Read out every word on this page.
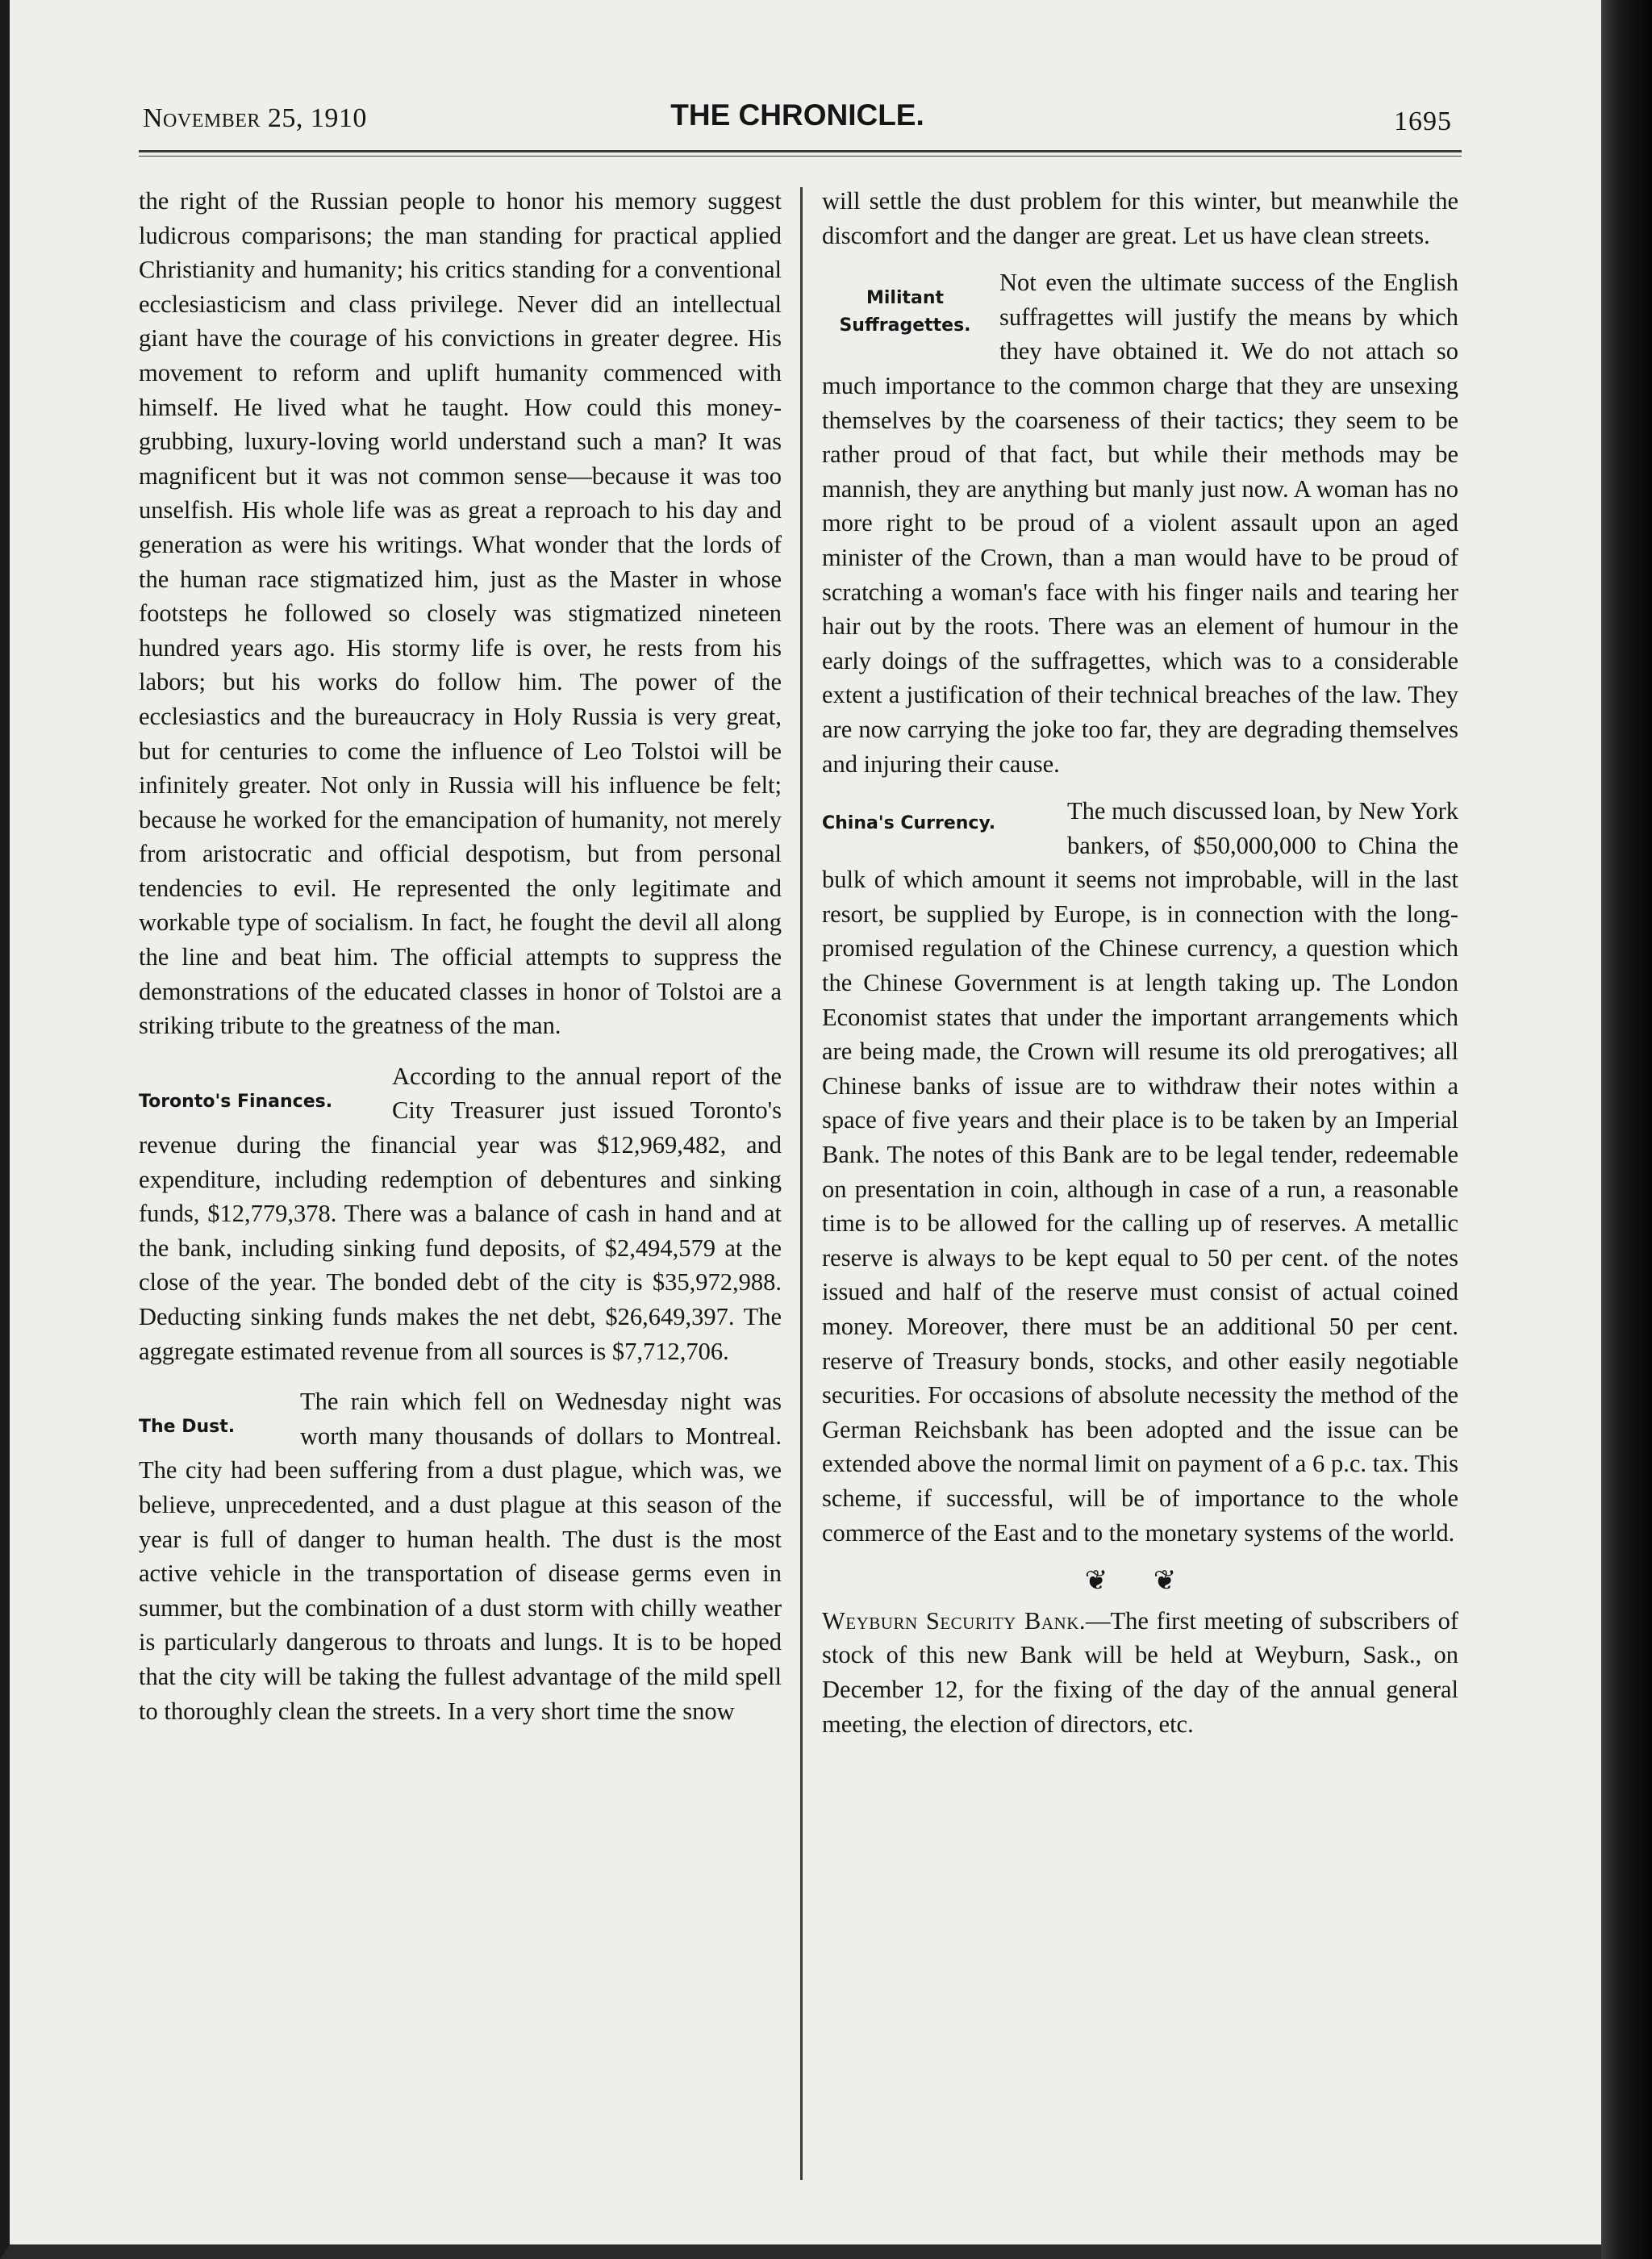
November 25, 1910	THE CHRONICLE.	1695

the right of the Russian people to honor his memory suggest ludicrous comparisons; the man standing for practical applied Christianity and humanity; his critics standing for a conventional ecclesiasticism and class privilege. Never did an intellectual giant have the courage of his convictions in greater degree. His movement to reform and uplift humanity commenced with himself. He lived what he taught. How could this money-grubbing, luxury-loving world understand such a man? It was magnificent but it was not common sense—because it was too unselfish. His whole life was as great a reproach to his day and generation as were his writings. What wonder that the lords of the human race stigmatized him, just as the Master in whose footsteps he followed so closely was stigmatized nineteen hundred years ago. His stormy life is over, he rests from his labors; but his works do follow him. The power of the ecclesiastics and the bureaucracy in Holy Russia is very great, but for centuries to come the influence of Leo Tolstoi will be infinitely greater. Not only in Russia will his influence be felt; because he worked for the emancipation of humanity, not merely from aristocratic and official despotism, but from personal tendencies to evil. He represented the only legitimate and workable type of socialism. In fact, he fought the devil all along the line and beat him. The official attempts to suppress the demonstrations of the educated classes in honor of Tolstoi are a striking tribute to the greatness of the man.

Toronto's Finances.

According to the annual report of the City Treasurer just issued Toronto's revenue during the financial year was $12,969,482, and expenditure, including redemption of debentures and sinking funds, $12,779,378. There was a balance of cash in hand and at the bank, including sinking fund deposits, of $2,494,579 at the close of the year. The bonded debt of the city is $35,972,988. Deducting sinking funds makes the net debt, $26,649,397. The aggregate estimated revenue from all sources is $7,712,706.

The Dust.

The rain which fell on Wednesday night was worth many thousands of dollars to Montreal. The city had been suffering from a dust plague, which was, we believe, unprecedented, and a dust plague at this season of the year is full of danger to human health. The dust is the most active vehicle in the transportation of disease germs even in summer, but the combination of a dust storm with chilly weather is particularly dangerous to throats and lungs. It is to be hoped that the city will be taking the fullest advantage of the mild spell to thoroughly clean the streets. In a very short time the snow

will settle the dust problem for this winter, but meanwhile the discomfort and the danger are great. Let us have clean streets.

Militant
Suffragettes.

Not even the ultimate success of the English suffragettes will justify the means by which they have obtained it. We do not attach so much importance to the common charge that they are unsexing themselves by the coarseness of their tactics; they seem to be rather proud of that fact, but while their methods may be mannish, they are anything but manly just now. A woman has no more right to be proud of a violent assault upon an aged minister of the Crown, than a man would have to be proud of scratching a woman's face with his finger nails and tearing her hair out by the roots. There was an element of humour in the early doings of the suffragettes, which was to a considerable extent a justification of their technical breaches of the law. They are now carrying the joke too far, they are degrading themselves and injuring their cause.

China's Currency.	The much discussed loan, by New York bankers, of $50,000,000 to China the bulk of which amount it seems not improbable, will in the last resort, be supplied by Europe, is in connection with the long-promised regulation of the Chinese currency, a question which the Chinese Government is at length taking up. The London Economist states that under the important arrangements which are being made, the Crown will resume its old prerogatives; all Chinese banks of issue are to withdraw their notes within a space of five years and their place is to be taken by an Imperial Bank. The notes of this Bank are to be legal tender, redeemable on presentation in coin, although in case of a run, a reasonable time is to be allowed for the calling up of reserves. A metallic reserve is always to be kept equal to 50 per cent. of the notes issued and half of the reserve must consist of actual coined money. Moreover, there must be an additional 50 per cent. reserve of Treasury bonds, stocks, and other easily negotiable securities. For occasions of absolute necessity the method of the German Reichsbank has been adopted and the issue can be extended above the normal limit on payment of a 6 p.c. tax. This scheme, if successful, will be of importance to the whole commerce of the East and to the monetary systems of the world.

❦ ❦

Weyburn Security Bank.—The first meeting of subscribers of stock of this new Bank will be held at Weyburn, Sask., on December 12, for the fixing of the day of the annual general meeting, the election of directors, etc.
